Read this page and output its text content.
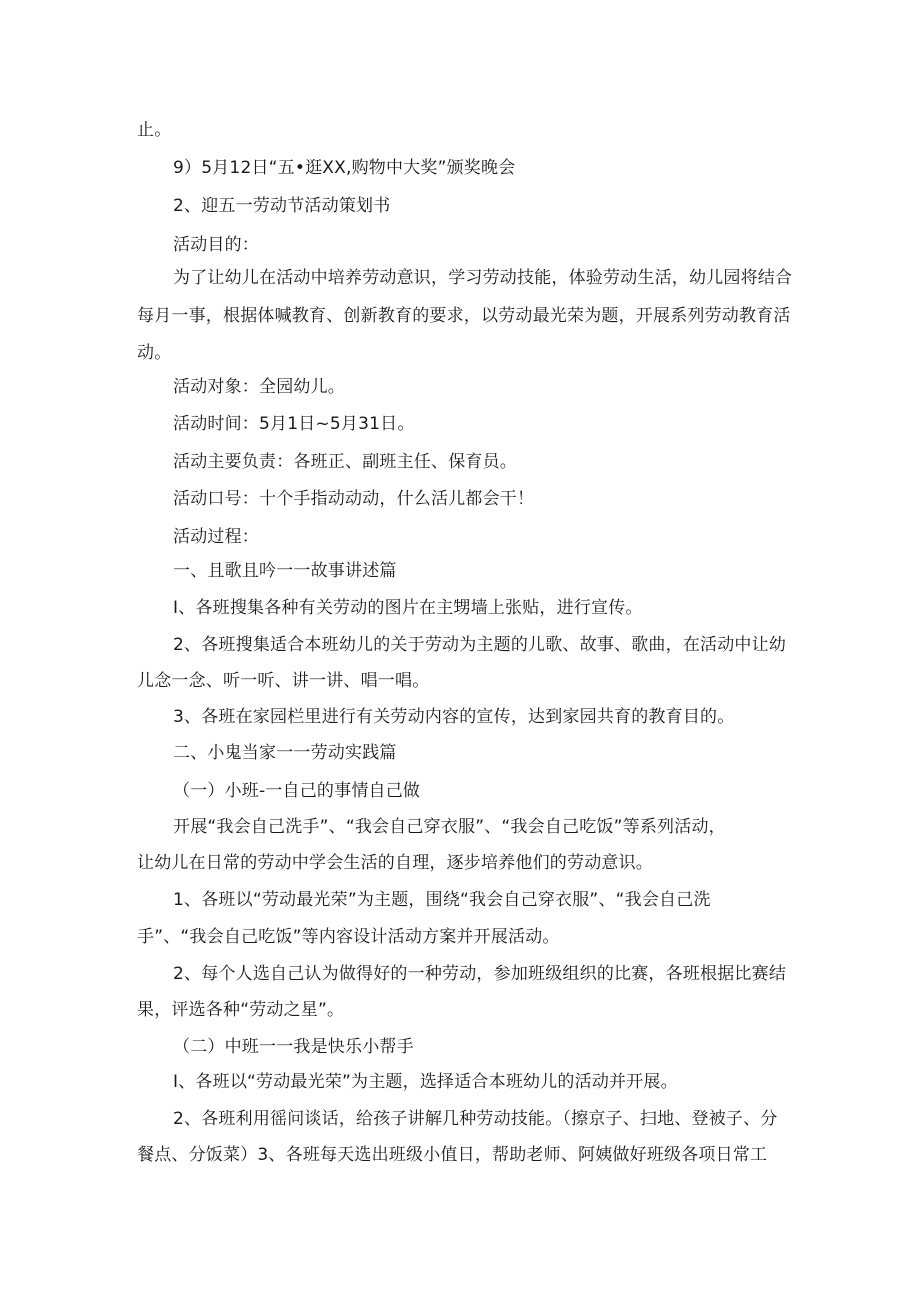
止。
9）5月12日“五•逛XX,购物中大奖”颁奖晚会
2、迎五一劳动节活动策划书
活动目的：
为了让幼儿在活动中培养劳动意识，学习劳动技能，体验劳动生活，幼儿园将结合
每月一事，根据体喊教育、创新教育的要求，以劳动最光荣为题，开展系列劳动教育活
动。
活动对象：全园幼儿。
活动时间：5月1日~5月31日。
活动主要负责：各班正、副班主任、保育员。
活动口号：十个手指动动动，什么活儿都会干！
活动过程：
一、且歌且吟一一故事讲述篇
I、各班搜集各种有关劳动的图片在主甥墙上张贴，进行宣传。
2、各班搜集适合本班幼儿的关于劳动为主题的儿歌、故事、歌曲，在活动中让幼
儿念一念、听一听、讲一讲、唱一唱。
3、各班在家园栏里进行有关劳动内容的宣传，达到家园共育的教育目的。
二、小鬼当家一一劳动实践篇
（一）小班-一自己的事情自己做
开展“我会自己洗手”、“我会自己穿衣服”、“我会自己吃饭”等系列活动，
让幼儿在日常的劳动中学会生活的自理，逐步培养他们的劳动意识。
1、各班以“劳动最光荣”为主题，围绕“我会自己穿衣服”、“我会自己洗
手”、“我会自己吃饭”等内容设计活动方案并开展活动。
2、每个人选自己认为做得好的一种劳动，参加班级组织的比赛，各班根据比赛结
果，评选各种“劳动之星”。
（二）中班一一我是快乐小帮手
I、各班以“劳动最光荣”为主题，选择适合本班幼儿的活动并开展。
2、各班利用徭问谈话，给孩子讲解几种劳动技能。（擦京子、扫地、登被子、分
餐点、分饭菜）3、各班每天选出班级小值日，帮助老师、阿姨做好班级各项日常工
